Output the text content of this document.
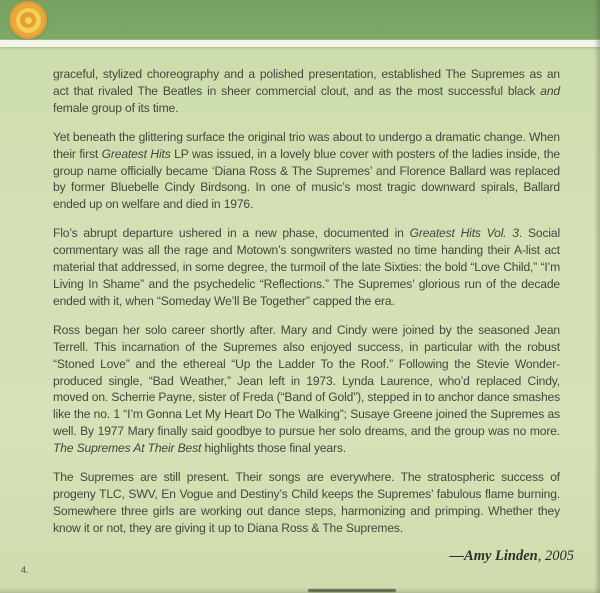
graceful, stylized choreography and a polished presentation, established The Supremes as an act that rivaled The Beatles in sheer commercial clout, and as the most successful black and female group of its time.

Yet beneath the glittering surface the original trio was about to undergo a dramatic change. When their first Greatest Hits LP was issued, in a lovely blue cover with posters of the ladies inside, the group name officially became ‘Diana Ross & The Supremes’ and Florence Ballard was replaced by former Bluebelle Cindy Birdsong. In one of music’s most tragic downward spirals, Ballard ended up on welfare and died in 1976.

Flo’s abrupt departure ushered in a new phase, documented in Greatest Hits Vol. 3. Social commentary was all the rage and Motown’s songwriters wasted no time handing their A-list act material that addressed, in some degree, the turmoil of the late Sixties: the bold “Love Child,” “I’m Living In Shame” and the psychedelic “Reflections.” The Supremes’ glorious run of the decade ended with it, when “Someday We’ll Be Together” capped the era.

Ross began her solo career shortly after. Mary and Cindy were joined by the seasoned Jean Terrell. This incarnation of the Supremes also enjoyed success, in particular with the robust “Stoned Love” and the ethereal “Up the Ladder To the Roof.” Following the Stevie Wonder-produced single, “Bad Weather,” Jean left in 1973. Lynda Laurence, who’d replaced Cindy, moved on. Scherrie Payne, sister of Freda (“Band of Gold”), stepped in to anchor dance smashes like the no. 1 “I’m Gonna Let My Heart Do The Walking”; Susaye Greene joined the Supremes as well. By 1977 Mary finally said goodbye to pursue her solo dreams, and the group was no more. The Supremes At Their Best highlights those final years.

The Supremes are still present. Their songs are everywhere. The stratospheric success of progeny TLC, SWV, En Vogue and Destiny’s Child keeps the Supremes’ fabulous flame burning. Somewhere three girls are working out dance steps, harmonizing and primping. Whether they know it or not, they are giving it up to Diana Ross & The Supremes.

—Amy Linden, 2005
4.
